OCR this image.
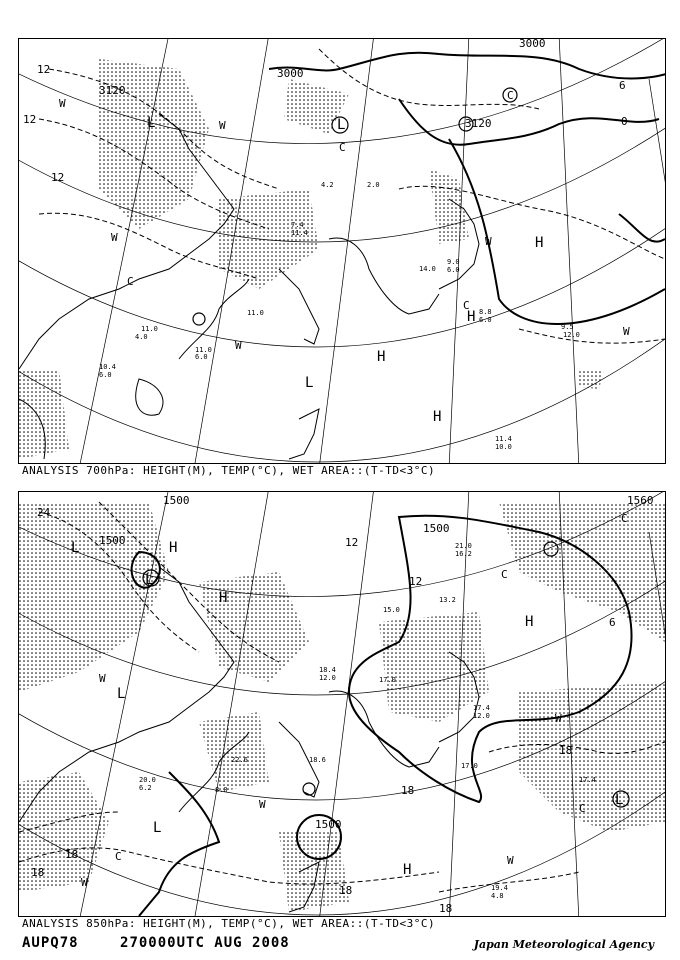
3000
3120
3120
3000
12
12
12
6
0
L	L
L
H
H
H
H
W
W
W
W
W
W
C
C
C
C
11.0
4.0
11.0
6.0
9.5
12.0
11.4
10.0
8.8
6.0
7.4
11.4
2.0
4.2
11.0
14.0
9.0
6.0
10.4
6.0
ANALYSIS 700hPa: HEIGHT(M), TEMP(°C), WET AREA::(T-TD<3°C)
1500
1500
1500
1500
1560
24
12
6
18
18
18
18
18
18
12
L
L
L
L
L
H
H
H
H
W
W
W
W
W
C
C
C
C
20.0
6.2
18.6
22.6
17.0
15.0
13.2
17.0
21.0
16.2
19.4
4.8
18.4
12.0
17.4
8.0
17.4
12.0
ANALYSIS 850hPa: HEIGHT(M), TEMP(°C), WET AREA::(T-TD<3°C)
AUPQ78	270000UTC AUG 2008	Japan Meteorological Agency
